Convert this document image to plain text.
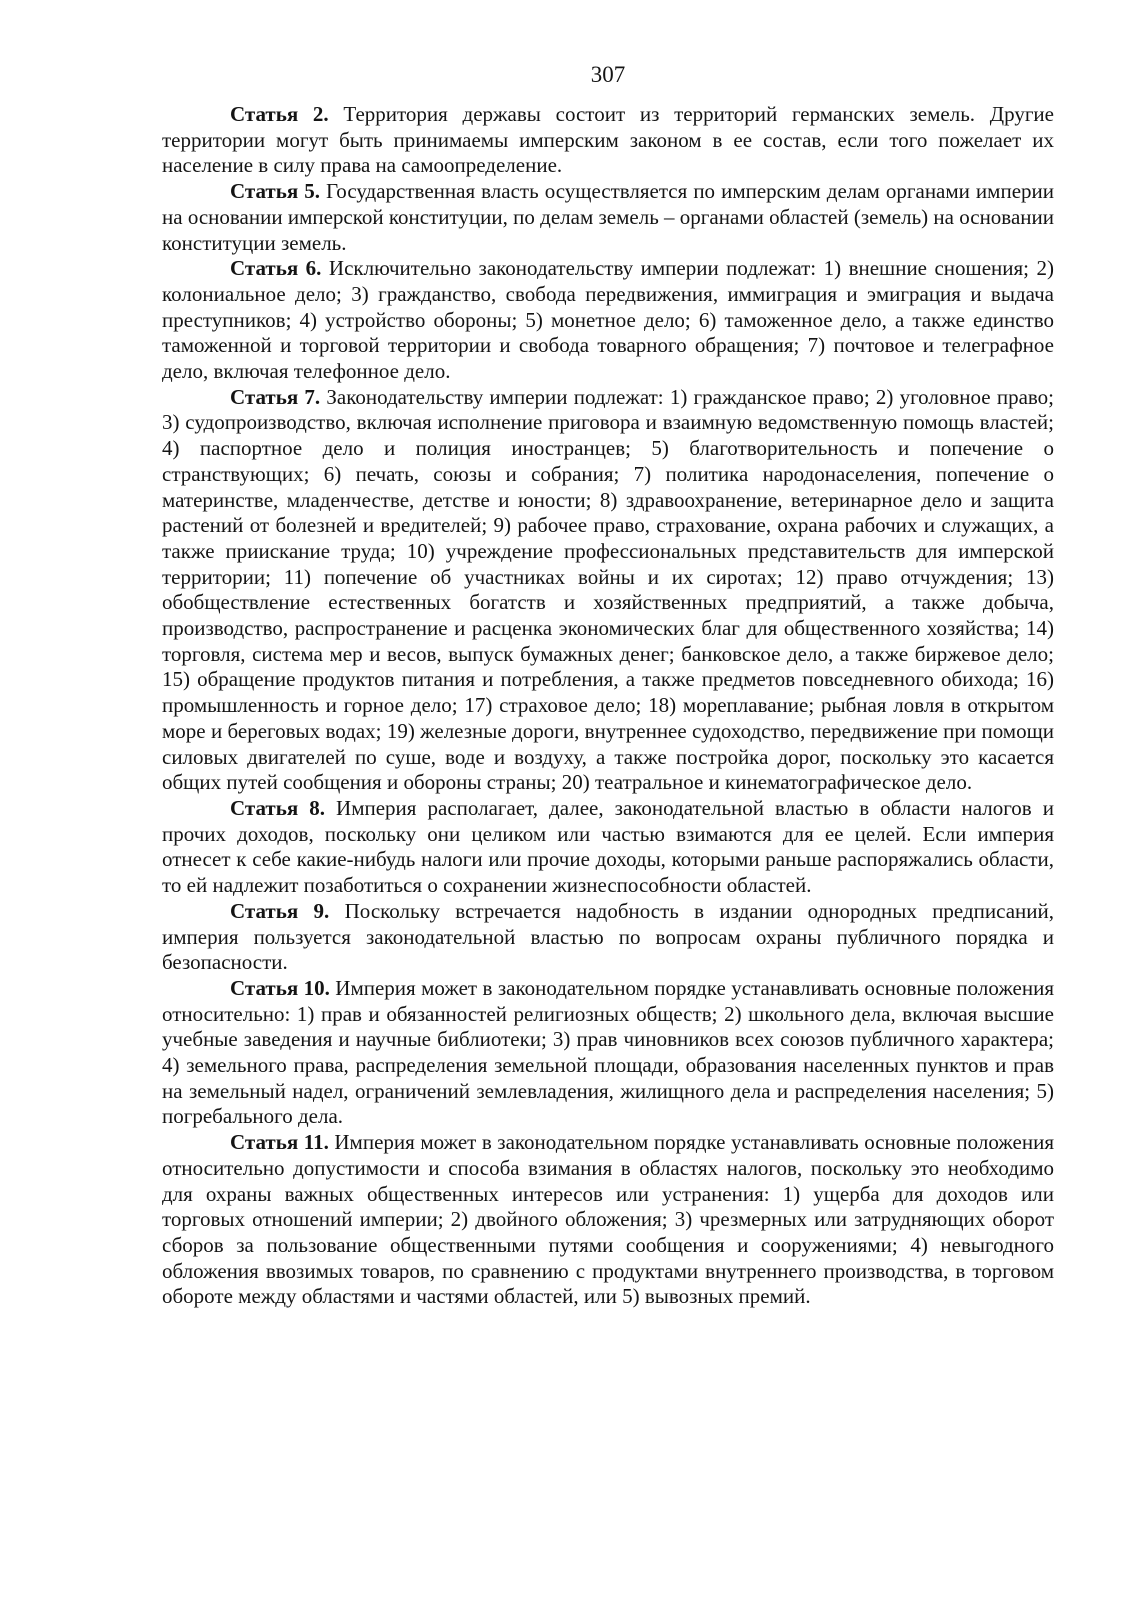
307

Статья 2. Территория державы состоит из территорий германских земель. Другие территории могут быть принимаемы имперским законом в ее состав, если того пожелает их население в силу права на самоопределение.

Статья 5. Государственная власть осуществляется по имперским делам органами империи на основании имперской конституции, по делам земель – органами областей (земель) на основании конституции земель.

Статья 6. Исключительно законодательству империи подлежат: 1) внешние сношения; 2) колониальное дело; 3) гражданство, свобода передвижения, иммиграция и эмиграция и выдача преступников; 4) устройство обороны; 5) монетное дело; 6) таможенное дело, а также единство таможенной и торговой территории и свобода товарного обращения; 7) почтовое и телеграфное дело, включая телефонное дело.

Статья 7. Законодательству империи подлежат: 1) гражданское право; 2) уголовное право; 3) судопроизводство, включая исполнение приговора и взаимную ведомственную помощь властей; 4) паспортное дело и полиция иностранцев; 5) благотворительность и попечение о странствующих; 6) печать, союзы и собрания; 7) политика народонаселения, попечение о материнстве, младенчестве, детстве и юности; 8) здравоохранение, ветеринарное дело и защита растений от болезней и вредителей; 9) рабочее право, страхование, охрана рабочих и служащих, а также приискание труда; 10) учреждение профессиональных представительств для имперской территории; 11) попечение об участниках войны и их сиротах; 12) право отчуждения; 13) обобществление естественных богатств и хозяйственных предприятий, а также добыча, производство, распространение и расценка экономических благ для общественного хозяйства; 14) торговля, система мер и весов, выпуск бумажных денег; банковское дело, а также биржевое дело; 15) обращение продуктов питания и потребления, а также предметов повседневного обихода; 16) промышленность и горное дело; 17) страховое дело; 18) мореплавание; рыбная ловля в открытом море и береговых водах; 19) железные дороги, внутреннее судоходство, передвижение при помощи силовых двигателей по суше, воде и воздуху, а также постройка дорог, поскольку это касается общих путей сообщения и обороны страны; 20) театральное и кинематографическое дело.

Статья 8. Империя располагает, далее, законодательной властью в области налогов и прочих доходов, поскольку они целиком или частью взимаются для ее целей. Если империя отнесет к себе какие-нибудь налоги или прочие доходы, которыми раньше распоряжались области, то ей надлежит позаботиться о сохранении жизнеспособности областей.

Статья 9. Поскольку встречается надобность в издании однородных предписаний, империя пользуется законодательной властью по вопросам охраны публичного порядка и безопасности.

Статья 10. Империя может в законодательном порядке устанавливать основные положения относительно: 1) прав и обязанностей религиозных обществ; 2) школьного дела, включая высшие учебные заведения и научные библиотеки; 3) прав чиновников всех союзов публичного характера; 4) земельного права, распределения земельной площади, образования населенных пунктов и прав на земельный надел, ограничений землевладения, жилищного дела и распределения населения; 5) погребального дела.

Статья 11. Империя может в законодательном порядке устанавливать основные положения относительно допустимости и способа взимания в областях налогов, поскольку это необходимо для охраны важных общественных интересов или устранения: 1) ущерба для доходов или торговых отношений империи; 2) двойного обложения; 3) чрезмерных или затрудняющих оборот сборов за пользование общественными путями сообщения и сооружениями; 4) невыгодного обложения ввозимых товаров, по сравнению с продуктами внутреннего производства, в торговом обороте между областями и частями областей, или 5) вывозных премий.
